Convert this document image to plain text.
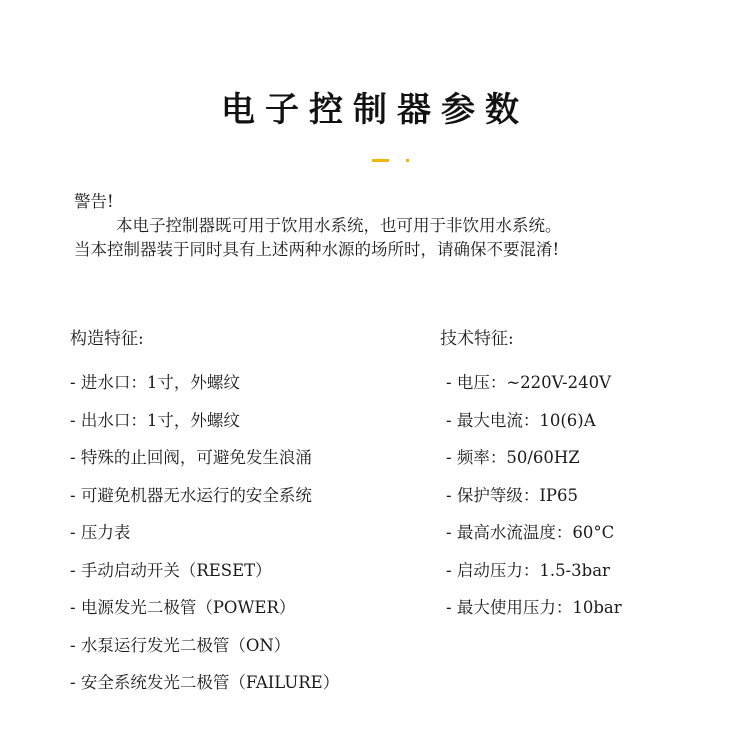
电子控制器参数
警告!
本电子控制器既可用于饮用水系统，也可用于非饮用水系统。
当本控制器装于同时具有上述两种水源的场所时，请确保不要混淆!
构造特征:
- 进水口：1寸，外螺纹
- 出水口：1寸，外螺纹
- 特殊的止回阀，可避免发生浪涌
- 可避免机器无水运行的安全系统
- 压力表
- 手动启动开关（RESET）
- 电源发光二极管（POWER）
- 水泵运行发光二极管（ON）
- 安全系统发光二极管（FAILURE）
技术特征:
- 电压：~220V-240V
- 最大电流：10(6)A
- 频率：50/60HZ
- 保护等级：IP65
- 最高水流温度：60°C
- 启动压力：1.5-3bar
- 最大使用压力：10bar
